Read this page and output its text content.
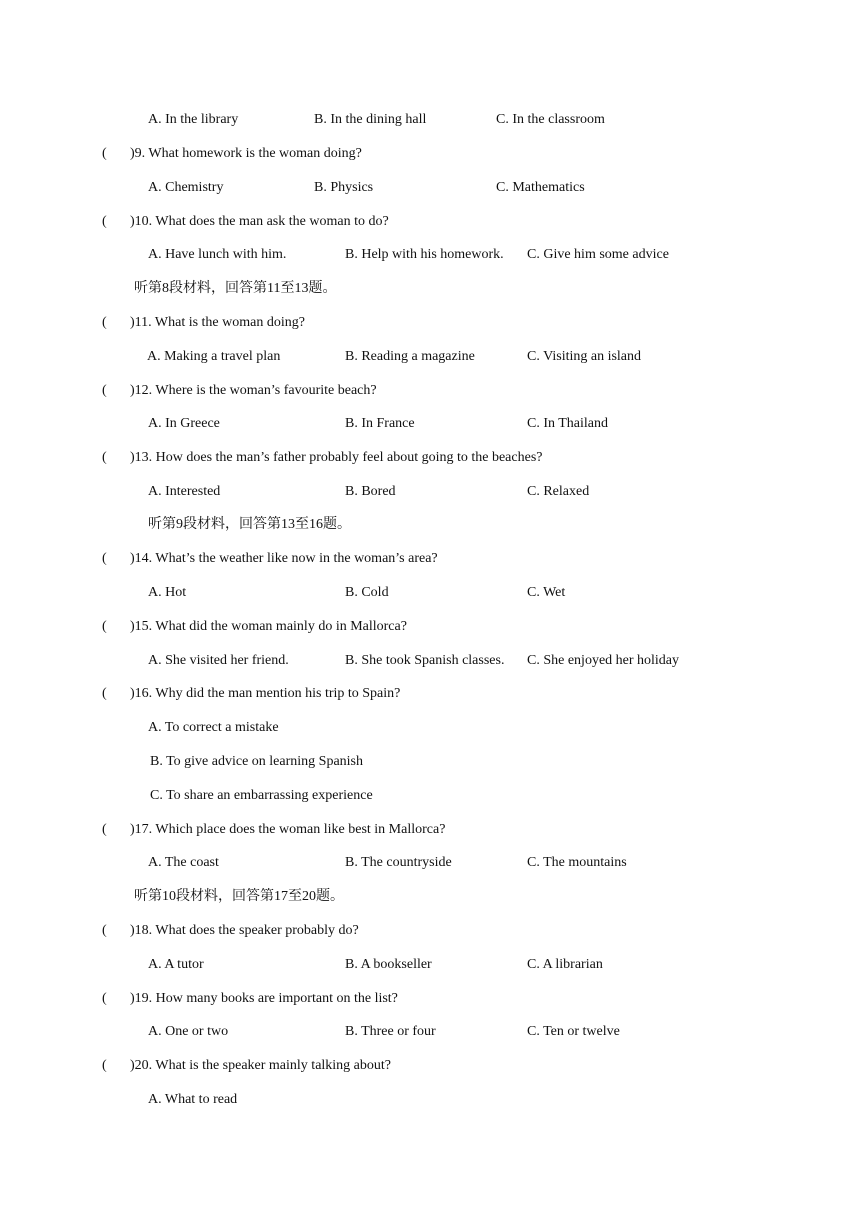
A. In the library	B. In the dining hall	C. In the classroom
( )9. What homework is the woman doing?
A. Chemistry	B. Physics	C. Mathematics
( )10. What does the man ask the woman to do?
A. Have lunch with him.	B. Help with his homework. C. Give him some advice
听第8段材料，回答第11至13题。
( )11. What is the woman doing?
A. Making a travel plan	B. Reading a magazine	C. Visiting an island
( )12. Where is the woman’s favourite beach?
A. In Greece	B. In France	C. In Thailand
( )13. How does the man’s father probably feel about going to the beaches?
A. Interested	B. Bored	C. Relaxed
听第9段材料，回答第13至16题。
( )14. What’s the weather like now in the woman’s area?
A. Hot	B. Cold	C. Wet
( )15. What did the woman mainly do in Mallorca?
A. She visited her friend.	B. She took Spanish classes. C. She enjoyed her holiday
( )16. Why did the man mention his trip to Spain?
A. To correct a mistake
B. To give advice on learning Spanish
C. To share an embarrassing experience
( )17. Which place does the woman like best in Mallorca?
A. The coast	B. The countryside	C. The mountains
听第10段材料，回答第17至20题。
( )18. What does the speaker probably do?
A. A tutor	B. A bookseller	C. A librarian
( )19. How many books are important on the list?
A. One or two	B. Three or four	C. Ten or twelve
( )20. What is the speaker mainly talking about?
A. What to read
